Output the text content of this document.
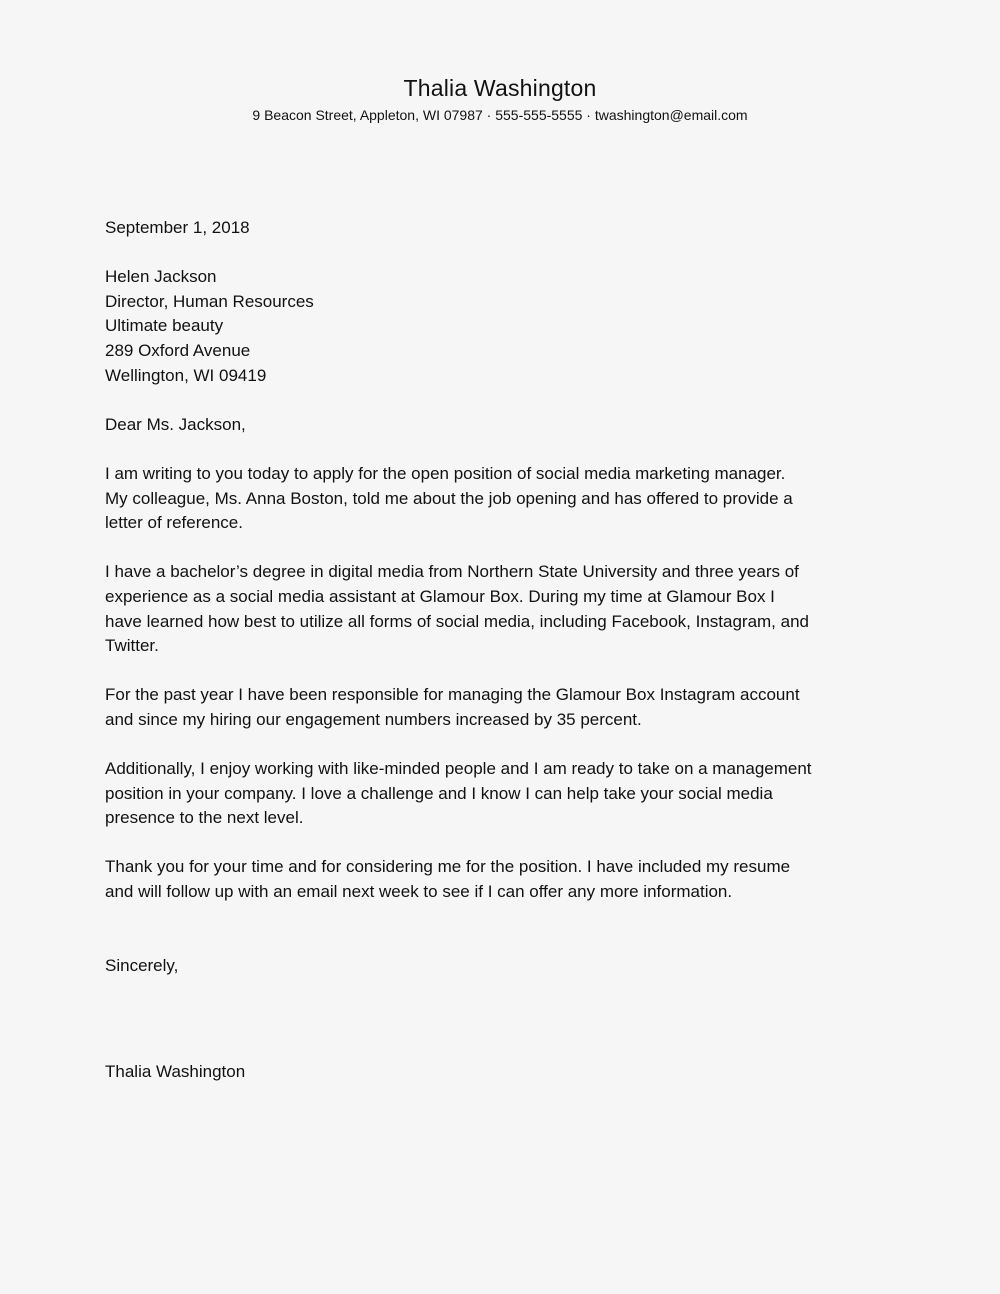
Thalia Washington
9 Beacon Street, Appleton, WI 07987 · 555-555-5555 · twashington@email.com
September 1, 2018
Helen Jackson
Director, Human Resources
Ultimate beauty
289 Oxford Avenue
Wellington, WI 09419
Dear Ms. Jackson,
I am writing to you today to apply for the open position of social media marketing manager.
My colleague, Ms. Anna Boston, told me about the job opening and has offered to provide a
letter of reference.
I have a bachelor’s degree in digital media from Northern State University and three years of
experience as a social media assistant at Glamour Box. During my time at Glamour Box I
have learned how best to utilize all forms of social media, including Facebook, Instagram, and
Twitter.
For the past year I have been responsible for managing the Glamour Box Instagram account
and since my hiring our engagement numbers increased by 35 percent.
Additionally, I enjoy working with like-minded people and I am ready to take on a management
position in your company. I love a challenge and I know I can help take your social media
presence to the next level.
Thank you for your time and for considering me for the position. I have included my resume
and will follow up with an email next week to see if I can offer any more information.
Sincerely,
Thalia Washington
